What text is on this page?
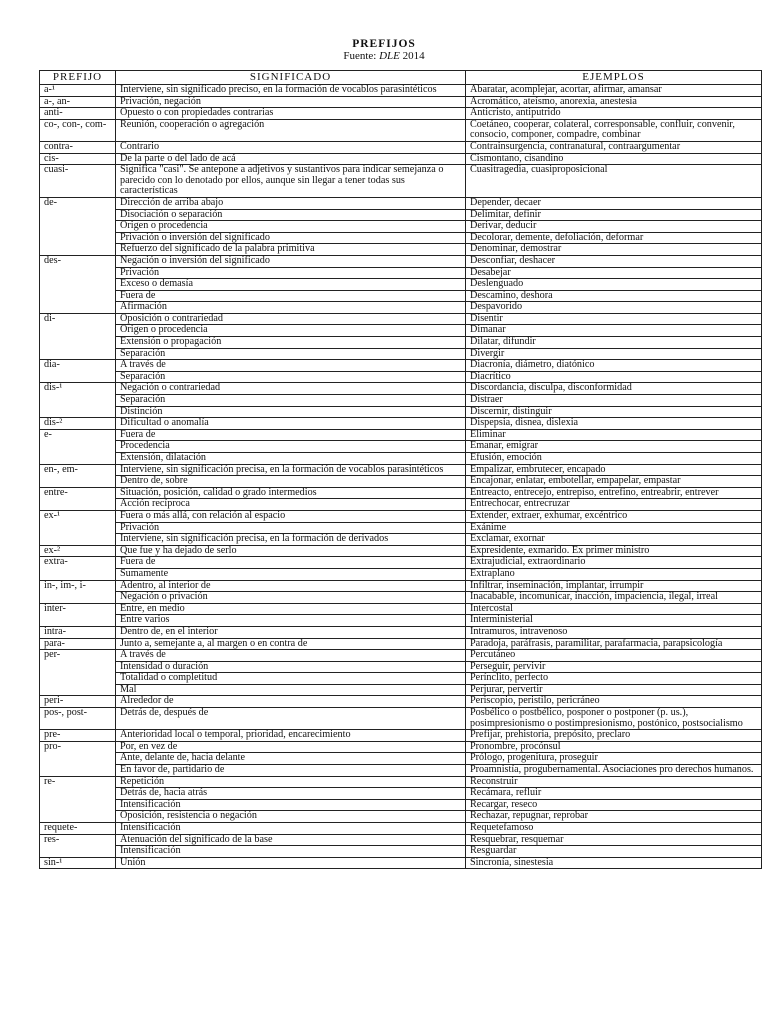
PREFIJOS
Fuente: DLE 2014
PREFIJO	SIGNIFICADO	EJEMPLOS
a-¹	Interviene, sin significado preciso, en la formación de vocablos parasintéticos	Abaratar, acomplejar, acortar, afirmar, amansar
a-, an-	Privación, negación	Acromático, ateísmo, anorexia, anestesia
anti-	Opuesto o con propiedades contrarias	Anticristo, antiputrido
co-, con-, com-	Reunión, cooperación o agregación	Coetáneo, cooperar, colateral, corresponsable, confluir, convenir, consocio, componer, compadre, combinar
contra-	Contrario	Contrainsurgencia, contranatural, contraargumentar
cis-	De la parte o del lado de acá	Cismontano, cisandino
cuasi-	Significa "casi". Se antepone a adjetivos y sustantivos para indicar semejanza o parecido con lo denotado por ellos, aunque sin llegar a tener todas sus características	Cuasitragedia, cuasiproposicional
de-	Dirección de arriba abajo	Depender, decaer
	Disociación o separación	Delimitar, definir
	Origen o procedencia	Derivar, deducir
	Privación o inversión del significado	Decolorar, demente, defoliación, deformar
	Refuerzo del significado de la palabra primitiva	Denominar, demostrar
des-	Negación o inversión del significado	Desconfiar, deshacer
	Privación	Desabejar
	Exceso o demasía	Deslenguado
	Fuera de	Descamino, deshora
	Afirmación	Despavorido
di-	Oposición o contrariedad	Disentir
	Origen o procedencia	Dimanar
	Extensión o propagación	Dilatar, difundir
	Separación	Divergir
dia-	A través de	Diacronía, diámetro, diatónico
	Separación	Diacrítico
dis-¹	Negación o contrariedad	Discordancia, disculpa, disconformidad
	Separación	Distraer
	Distinción	Discernir, distinguir
dis-²	Dificultad o anomalía	Dispepsia, disnea, dislexia
e-	Fuera de	Eliminar
	Procedencia	Emanar, emigrar
	Extensión, dilatación	Efusión, emoción
en-, em-	Interviene, sin significación precisa, en la formación de vocablos parasintéticos	Empalizar, embrutecer, encapado
	Dentro de, sobre	Encajonar, enlatar, embotellar, empapelar, empastar
entre-	Situación, posición, calidad o grado intermedios	Entreacto, entrecejo, entrepiso, entrefino, entreabrir, entrever
	Acción recíproca	Entrechocar, entrecruzar
ex-¹	Fuera o más allá, con relación al espacio	Extender, extraer, exhumar, excéntrico
	Privación	Exánime
	Interviene, sin significación precisa, en la formación de derivados	Exclamar, exornar
ex-²	Que fue y ha dejado de serlo	Expresidente, exmarido. Ex primer ministro
extra-	Fuera de	Extrajudicial, extraordinario
	Sumamente	Extraplano
in-, im-, i-	Adentro, al interior de	Infiltrar, inseminación, implantar, irrumpir
	Negación o privación	Inacabable, incomunicar, inacción, impaciencia, ilegal, irreal
inter-	Entre, en medio	Intercostal
	Entre varios	Interministerial
intra-	Dentro de, en el interior	Intramuros, intravenoso
para-	Junto a, semejante a, al margen o en contra de	Paradoja, paráfrasis, paramilitar, parafarmacia, parapsicología
per-	A través de	Percutáneo
	Intensidad o duración	Perseguir, pervivir
	Totalidad o completitud	Perínclito, perfecto
	Mal	Perjurar, pervertir
peri-	Alrededor de	Periscopio, peristilo, pericráneo
pos-, post-	Detrás de, después de	Posbélico o postbélico, posponer o postponer (p. us.), posimpresionismo o postimpresionismo, postónico, postsocialismo
pre-	Anterioridad local o temporal, prioridad, encarecimiento	Prefijar, prehistoria, prepósito, preclaro
pro-	Por, en vez de	Pronombre, procónsul
	Ante, delante de, hacia delante	Prólogo, progenitura, proseguir
	En favor de, partidario de	Proamnistía, progubernamental. Asociaciones pro derechos humanos.
re-	Repetición	Reconstruir
	Detrás de, hacia atrás	Recámara, refluir
	Intensificación	Recargar, reseco
	Oposición, resistencia o negación	Rechazar, repugnar, reprobar
requete-	Intensificación	Requetefamoso
res-	Atenuación del significado de la base	Resquebrar, resquemar
	Intensificación	Resguardar
sin-¹	Unión	Sincronía, sinestesia
